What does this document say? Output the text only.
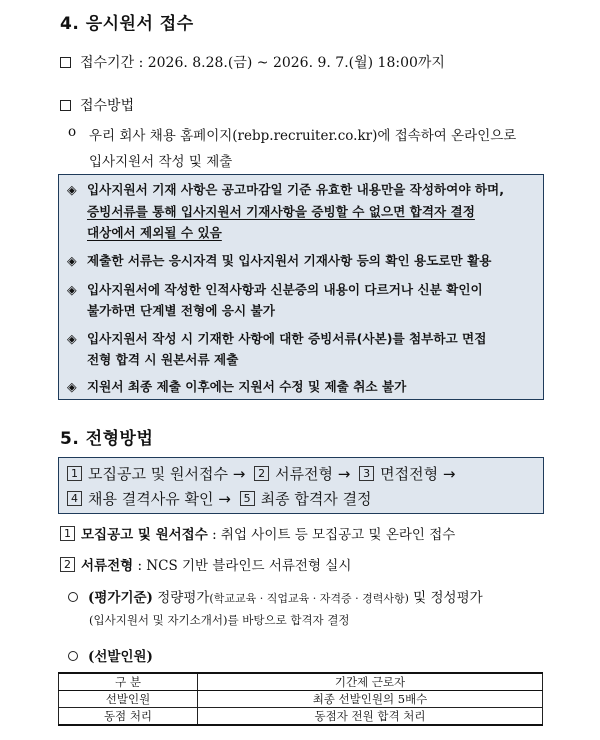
4. 응시원서 접수
접수기간 : 2026. 8.28.(금) ~ 2026. 9. 7.(월) 18:00까지
접수방법
o 우리 회사 채용 홈페이지(rebp.recruiter.co.kr)에 접속하여 온라인으로
입사지원서 작성 및 제출
◈ 입사지원서 기재 사항은 공고마감일 기준 유효한 내용만을 작성하여야 하며,
증빙서류를 통해 입사지원서 기재사항을 증빙할 수 없으면 합격자 결정
대상에서 제외될 수 있음
◈ 제출한 서류는 응시자격 및 입사지원서 기재사항 등의 확인 용도로만 활용
◈ 입사지원서에 작성한 인적사항과 신분증의 내용이 다르거나 신분 확인이
불가하면 단계별 전형에 응시 불가
◈ 입사지원서 작성 시 기재한 사항에 대한 증빙서류(사본)를 첨부하고 면접
전형 합격 시 원본서류 제출
◈ 지원서 최종 제출 이후에는 지원서 수정 및 제출 취소 불가
5. 전형방법
1 모집공고 및 원서접수 → 2 서류전형 → 3 면접전형 →
4 채용 결격사유 확인 → 5 최종 합격자 결정
1 모집공고 및 원서접수 : 취업 사이트 등 모집공고 및 온라인 접수
2 서류전형 : NCS 기반 블라인드 서류전형 실시
(평가기준) 정량평가(학교교육 · 직업교육 · 자격증 · 경력사항) 및 정성평가
(입사지원서 및 자기소개서)를 바탕으로 합격자 결정
(선발인원)
구 분	기간제 근로자
선발인원	최종 선발인원의 5배수
동점 처리	동점자 전원 합격 처리
